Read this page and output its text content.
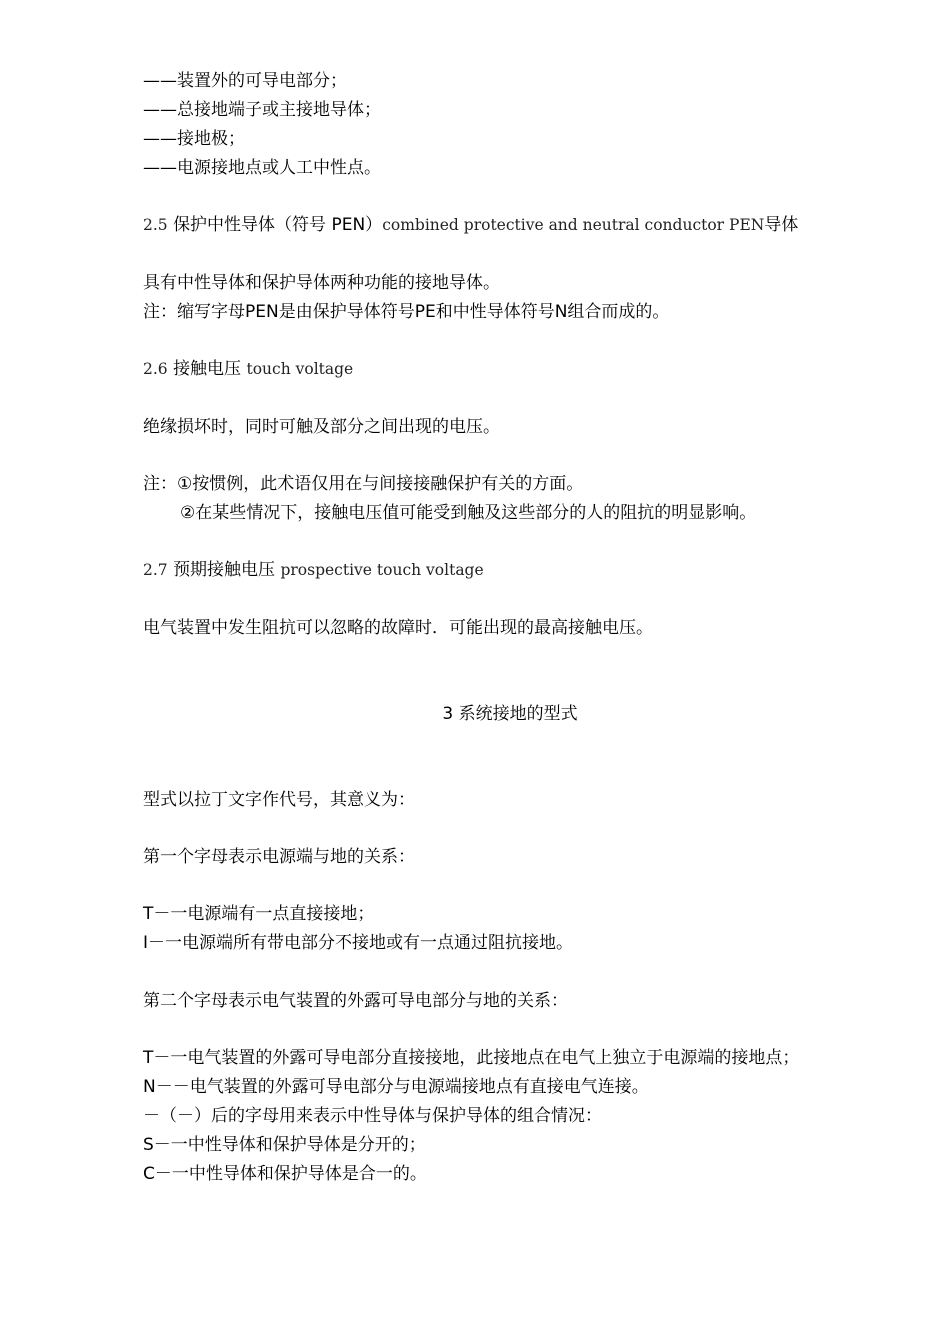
——装置外的可导电部分；
——总接地端子或主接地导体；
——接地极；
——电源接地点或人工中性点。
2.5 保护中性导体（符号 PEN）combined protective and neutral conductor PEN导体
具有中性导体和保护导体两种功能的接地导体。
注：缩写字母PEN是由保护导体符号PE和中性导体符号N组合而成的。
2.6 接触电压 touch voltage
绝缘损坏时，同时可触及部分之间出现的电压。
注：①按惯例，此术语仅用在与间接接融保护有关的方面。
②在某些情况下，接触电压值可能受到触及这些部分的人的阻抗的明显影响。
2.7 预期接触电压 prospective touch voltage
电气装置中发生阻抗可以忽略的故障时．可能出现的最高接触电压。
3 系统接地的型式
型式以拉丁文字作代号，其意义为：
第一个字母表示电源端与地的关系：
T－一电源端有一点直接接地；
I－一电源端所有带电部分不接地或有一点通过阻抗接地。
第二个字母表示电气装置的外露可导电部分与地的关系：
T－一电气装置的外露可导电部分直接接地，此接地点在电气上独立于电源端的接地点；
N－－电气装置的外露可导电部分与电源端接地点有直接电气连接。
－（－）后的字母用来表示中性导体与保护导体的组合情况：
S－一中性导体和保护导体是分开的；
C－一中性导体和保护导体是合一的。
